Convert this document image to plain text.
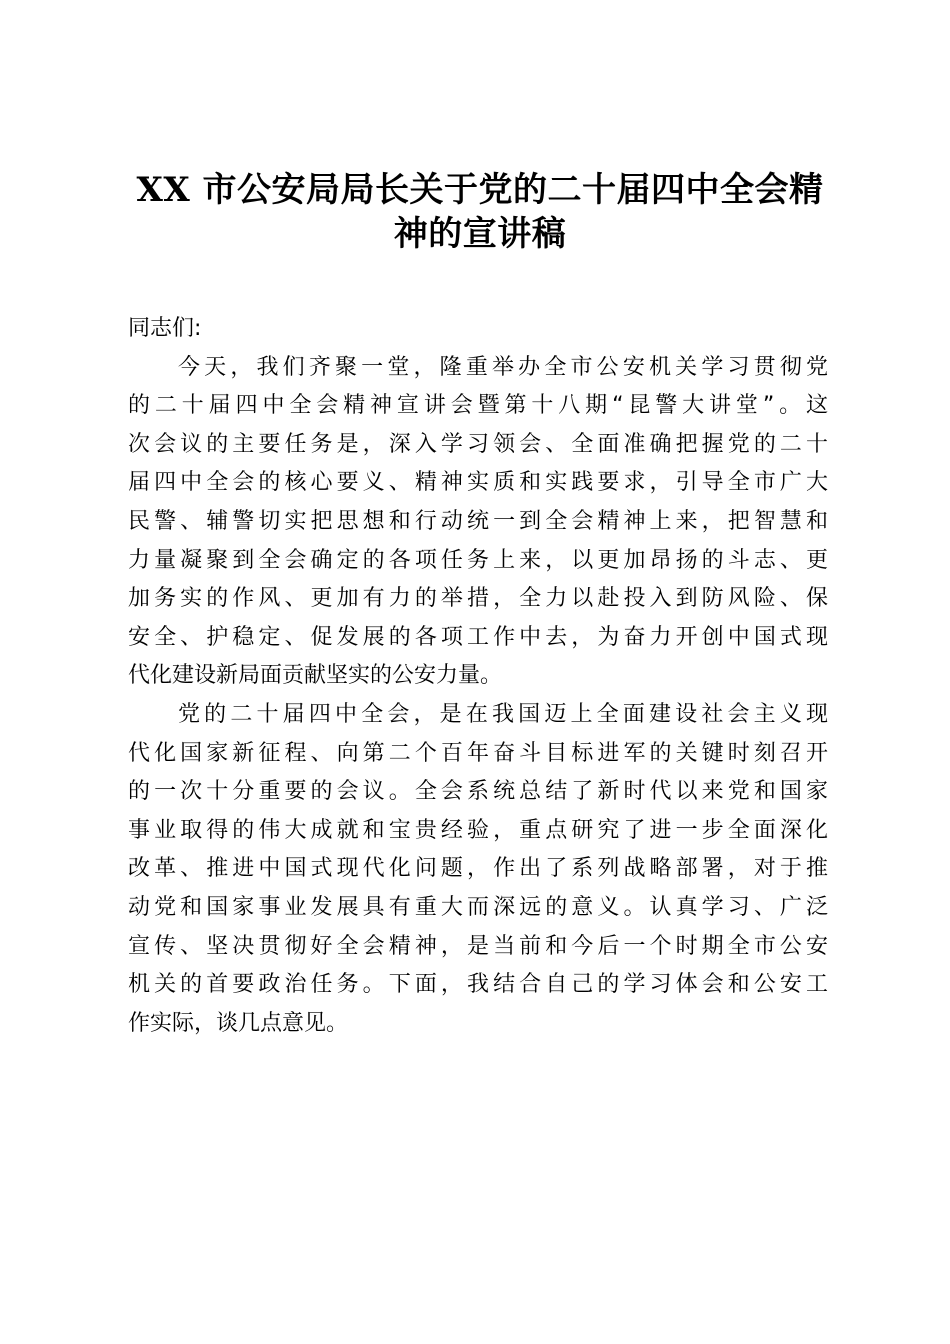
XX 市公安局局长关于党的二十届四中全会精
神的宣讲稿
同志们:
今天，我们齐聚一堂，隆重举办全市公安机关学习贯彻党
的二十届四中全会精神宣讲会暨第十八期“昆警大讲堂”。这
次会议的主要任务是，深入学习领会、全面准确把握党的二十
届四中全会的核心要义、精神实质和实践要求，引导全市广大
民警、辅警切实把思想和行动统一到全会精神上来，把智慧和
力量凝聚到全会确定的各项任务上来，以更加昂扬的斗志、更
加务实的作风、更加有力的举措，全力以赴投入到防风险、保
安全、护稳定、促发展的各项工作中去，为奋力开创中国式现
代化建设新局面贡献坚实的公安力量。
党的二十届四中全会，是在我国迈上全面建设社会主义现
代化国家新征程、向第二个百年奋斗目标进军的关键时刻召开
的一次十分重要的会议。全会系统总结了新时代以来党和国家
事业取得的伟大成就和宝贵经验，重点研究了进一步全面深化
改革、推进中国式现代化问题，作出了系列战略部署，对于推
动党和国家事业发展具有重大而深远的意义。认真学习、广泛
宣传、坚决贯彻好全会精神，是当前和今后一个时期全市公安
机关的首要政治任务。下面，我结合自己的学习体会和公安工
作实际，谈几点意见。
